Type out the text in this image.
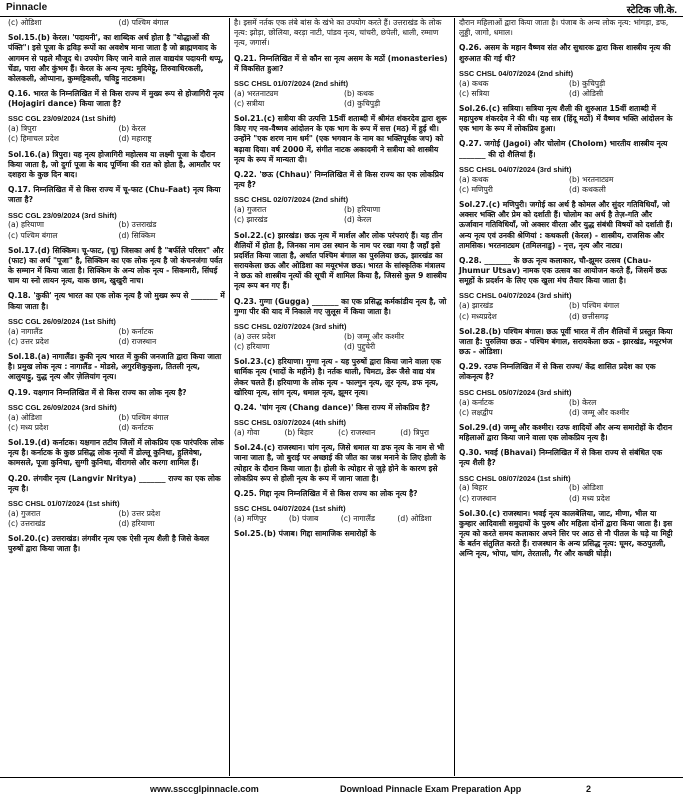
Pinnacle	स्टेटिक जी.के.
(c) ओडिशा	(d) पश्चिम बंगाल
Sol.15.(b) केरल। 'पदायनी', का शाब्दिक अर्थ होता है "योद्धाओं की पंक्ति"। इसे पूजा के द्रविड़ रूपों का अवशेष माना जाता है जो ब्राह्मणवाद के आगमन से पहले मौजूद थे। उपयोग किए जाने वाले ताल वाद्ययंत्र पदायनी थप्पू, चेंडा, पारा और कुंभम हैं। केरल के अन्य नृत्य: मुदियेट्टू, तिरुवाथिरकली, कोलकली, ओप्पाना, कुम्मट्टिकली, चविट्टु नाटकम।
Q.16. भारत के निम्नलिखित में से किस राज्य में मुख्य रूप से होजागिरी नृत्य (Hojagiri dance) किया जाता है?
SSC CGL 23/09/2024 (1st Shift)
(a) त्रिपुरा	(b) केरल
(c) हिमाचल प्रदेश	(d) महाराष्ट्र
Sol.16.(a) त्रिपुरा। यह नृत्य होजागिरी महोत्सव या लक्ष्मी पूजा के दौरान किया जाता है, जो दुर्गा पूजा के बाद पूर्णिमा की रात को होता है, आमतौर पर दशहरा के कुछ दिन बाद।
Q.17. निम्नलिखित में से किस राज्य में चू-फाट (Chu-Faat) नृत्य किया जाता है?
SSC CGL 23/09/2024 (3rd Shift)
(a) हरियाणा	(b) उत्तराखंड
(c) पश्चिम बंगाल	(d) सिक्किम
Sol.17.(d) सिक्किम। चू-फाट, (चू) जिसका अर्थ है "बर्फीले परिसर" और (फाट) का अर्थ "पूजा" है, सिक्किम का एक लोक नृत्य है जो कंचनजंगा पर्वत के सम्मान में किया जाता है। सिक्किम के अन्य लोक नृत्य - सिकमारी, सिंघई चाम या स्नो लायन नृत्य, याक छाम, खुखुरी नाच।
Q.18. 'कुकी' नृत्य भारत का एक लोक नृत्य है जो मुख्य रूप से _______ में किया जाता है।
SSC CGL 26/09/2024 (1st Shift)
(a) नागालैंड	(b) कर्नाटक
(c) उत्तर प्रदेश	(d) राजस्थान
Sol.18.(a) नागालैंड। कुकी नृत्य भारत में कुकी जनजाति द्वारा किया जाता है। प्रमुख लोक नृत्य : नागालैंड - मोडसे, अगुरशिकुकुला, तितली नृत्य, आलुयाट्टु, युद्ध नृत्य और ज़ेलियांग नृत्य।
Q.19. यक्षगान निम्नलिखित में से किस राज्य का लोक नृत्य है?
SSC CGL 26/09/2024 (3rd Shift)
(a) ओडिशा	(b) पश्चिम बंगाल
(c) मध्य प्रदेश	(d) कर्नाटक
Sol.19.(d) कर्नाटक। यक्षगान तटीय जिलों में लोकप्रिय एक पारंपरिक लोक नृत्य है। कर्नाटक के कुछ प्रसिद्ध लोक नृत्यों में डोल्लू कुनिथा, हुलिवेषा, कामसले, पूजा कुनिथा, सुग्गी कुनिथा, वीरागसे और करगा शामिल हैं।
Q.20. लंगवीर नृत्य (Langvir Nritya) _______ राज्य का एक लोक नृत्य है।
SSC CHSL 01/07/2024 (1st shift)
(a) गुजरात	(b) उत्तर प्रदेश
(c) उत्तराखंड	(d) हरियाणा
Sol.20.(c) उत्तराखंड। लंगवीर नृत्य एक ऐसी नृत्य शैली है जिसे केवल पुरुषों द्वारा किया जाता है।
है। इसमें नर्तक एक लंबे बांस के खंभे का उपयोग करते हैं। उत्तराखंड के लोक नृत्य: झोड़ा, छोलिया, बरड़ा नाटी, पांडव नृत्य, चांचरी, छपेली, धाली, रम्माण नृत्य, जगार्स।
Q.21. निम्नलिखित में से कौन सा नृत्य असम के मठों (monasteries) में विकसित हुआ?
SSC CHSL 01/07/2024 (2nd shift)
(a) भरतनाट्यम	(b) कथक
(c) सत्रीया	(d) कुचिपुड़ी
Sol.21.(c) सत्रीया की उत्पत्ति 15वीं शताब्दी में श्रीमंत शंकरदेव द्वारा शुरू किए गए नव-वैष्णव आंदोलन के एक भाग के रूप में सत्त (मठ) में हुई थी। उन्होंने "एक शरण नाम धर्म" (एक भगवान के नाम का भक्तिपूर्वक जप) को बढ़ावा दिया। वर्ष 2000 में, संगीत नाटक अकादमी ने सत्रीया को शास्त्रीय नृत्य के रूप में मान्यता दी।
Q.22. 'छऊ (Chhau)' निम्नलिखित में से किस राज्य का एक लोकप्रिय नृत्य है?
SSC CHSL 02/07/2024 (2nd shift)
(a) गुजरात	(b) हरियाणा
(c) झारखंड	(d) केरल
Sol.22.(c) झारखंड। छऊ नृत्य में मार्शल और लोक परंपराएं हैं। यह तीन शैलियों में होता है, जिनका नाम उस स्थान के नाम पर रखा गया है जहाँ इसे प्रदर्शित किया जाता है, अर्थात पश्चिम बंगाल का पुरुलिया छऊ, झारखंड का सरायकेला छऊ और ओडिशा का मयूरभंज छऊ। भारत के सांस्कृतिक मंत्रालय ने छऊ को शास्त्रीय नृत्यों की सूची में शामिल किया है, जिससे कुल 9 शास्त्रीय नृत्य रूप बन गए हैं।
Q.23. गुग्गा (Gugga) _______ का एक प्रसिद्ध कर्मकांडीय नृत्य है, जो गुग्गा पीर की याद में निकाले गए जुलूस में किया जाता है।
SSC CHSL 02/07/2024 (3rd shift)
(a) उत्तर प्रदेश	(b) जम्मू और कश्मीर
(c) हरियाणा	(d) पुद्दुचेरी
Sol.23.(c) हरियाणा। गुग्गा नृत्य - यह पुरुषों द्वारा किया जाने वाला एक धार्मिक नृत्य (भादों के महीने) है। नर्तक थाली, चिमटा, डेरू जैसे वाद्य यंत्र लेकर चलते हैं। हरियाणा के लोक नृत्य - फाल्गुन नृत्य, लूर नृत्य, डफ नृत्य, खोरिया नृत्य, सांग नृत्य, धमाल नृत्य, झूमर नृत्य।
Q.24. 'चांग नृत्य (Chang dance)' किस राज्य में लोकप्रिय है?
SSC CHSL 03/07/2024 (4th shift)
(a) गोवा	(b) बिहार	(c) राजस्थान	(d) त्रिपुरा
Sol.24.(c) राजस्थान। चांग नृत्य, जिसे धमाल या डफ नृत्य के नाम से भी जाना जाता है, जो बुराई पर अच्छाई की जीत का जश्न मनाने के लिए होली के त्योहार के दौरान किया जाता है। होली के त्योहार से जुड़े होने के कारण इसे लोकप्रिय रूप से होली नृत्य के रूप में जाना जाता है।
Q.25. गिद्दा नृत्य निम्नलिखित में से किस राज्य का लोक नृत्य है?
SSC CHSL 04/07/2024 (1st shift)
(a) मणिपुर	(b) पंजाब	(c) नागालैंड	(d) ओडिशा
Sol.25.(b) पंजाब। गिद्दा सामाजिक समारोहों के
दौरान महिलाओं द्वारा किया जाता है। पंजाब के अन्य लोक नृत्य: भांगड़ा, डफ, लुड्डी, जागो, धमाल।
Q.26. असम के महान वैष्णव संत और सुधारक द्वारा किस शास्त्रीय नृत्य की शुरुआत की गई थी?
SSC CHSL 04/07/2024 (2nd shift)
(a) कथक	(b) कुचिपुड़ी
(c) सत्रिया	(d) ओडिसी
Sol.26.(c) सत्रिया। सत्रिया नृत्य शैली की शुरुआत 15वीं शताब्दी में महापुरुष शंकरदेव ने की थी। यह सत्र (हिंदू मठों) में वैष्णव भक्ति आंदोलन के एक भाग के रूप में लोकप्रिय हुआ।
Q.27. जगोई (Jagoi) और चोलोम (Cholom) भारतीय शास्त्रीय नृत्य _______ की दो शैलियां हैं।
SSC CHSL 04/07/2024 (3rd shift)
(a) कथक	(b) भरतनाट्यम
(c) मणिपुरी	(d) कथकली
Sol.27.(c) मणिपुरी। जगोई का अर्थ है कोमल और सुंदर गतिविधियाँ, जो अक्सर भक्ति और प्रेम को दर्शाती हैं। चोलोम का अर्थ है तेज़-गति और ऊर्जावान गतिविधियाँ, जो अक्सर वीरता और युद्ध संबंधी विषयों को दर्शाती हैं। अन्य नृत्य एवं उनकी श्रेणियां : कथकली (केरल) - शास्त्रीय, राजसिक और तामसिक। भरतनाट्यम (तमिलनाडु) - नृत्त, नृत्य और नाट्य।
Q.28. _______ के छऊ नृत्य कलाकार, चौ-झूमर उत्सव (Chau-Jhumur Utsav) नामक एक उत्सव का आयोजन करते हैं, जिसमें छऊ समूहों के प्रदर्शन के लिए एक खुला मंच तैयार किया जाता है।
SSC CHSL 04/07/2024 (3rd shift)
(a) झारखंड	(b) पश्चिम बंगाल
(c) मध्यप्रदेश	(d) छत्तीसगढ़
Sol.28.(b) पश्चिम बंगाल। छऊ पूर्वी भारत में तीन शैलियों में प्रस्तुत किया जाता है: पुरुलिया छऊ - पश्चिम बंगाल, सरायकेला छऊ - झारखंड, मयूरभंज छऊ - ओडिशा।
Q.29. रउफ निम्नलिखित में से किस राज्य/ केंद्र शासित प्रदेश का एक लोकनृत्य है?
SSC CHSL 05/07/2024 (3rd shift)
(a) कर्नाटक	(b) केरल
(c) लक्षद्वीप	(d) जम्मू और कश्मीर
Sol.29.(d) जम्मू और कश्मीर। रउफ शादियों और अन्य समारोहों के दौरान महिलाओं द्वारा किया जाने वाला एक लोकप्रिय नृत्य है।
Q.30. भवई (Bhavai) निम्नलिखित में से किस राज्य से संबंधित एक नृत्य शैली है?
SSC CHSL 08/07/2024 (1st shift)
(a) बिहार	(b) ओडिशा
(c) राजस्थान	(d) मध्य प्रदेश
Sol.30.(c) राजस्थान। भवई नृत्य कालबेलिया, जाट, मीणा, भील या कुम्हार आदिवासी समुदायों के पुरुष और महिला दोनों द्वारा किया जाता है। इस नृत्य को करते समय कलाकार अपने सिर पर आठ से नौ पीतल के घड़े या मिट्टी के बर्तन संतुलित करते हैं। राजस्थान के अन्य प्रसिद्ध नृत्य: घूमर, कठपुतली, अग्नि नृत्य, भोपा, चांग, तेरताली, गैर और कच्छी घोड़ी।
www.ssccglpinnacle.com	Download Pinnacle Exam Preparation App	2
